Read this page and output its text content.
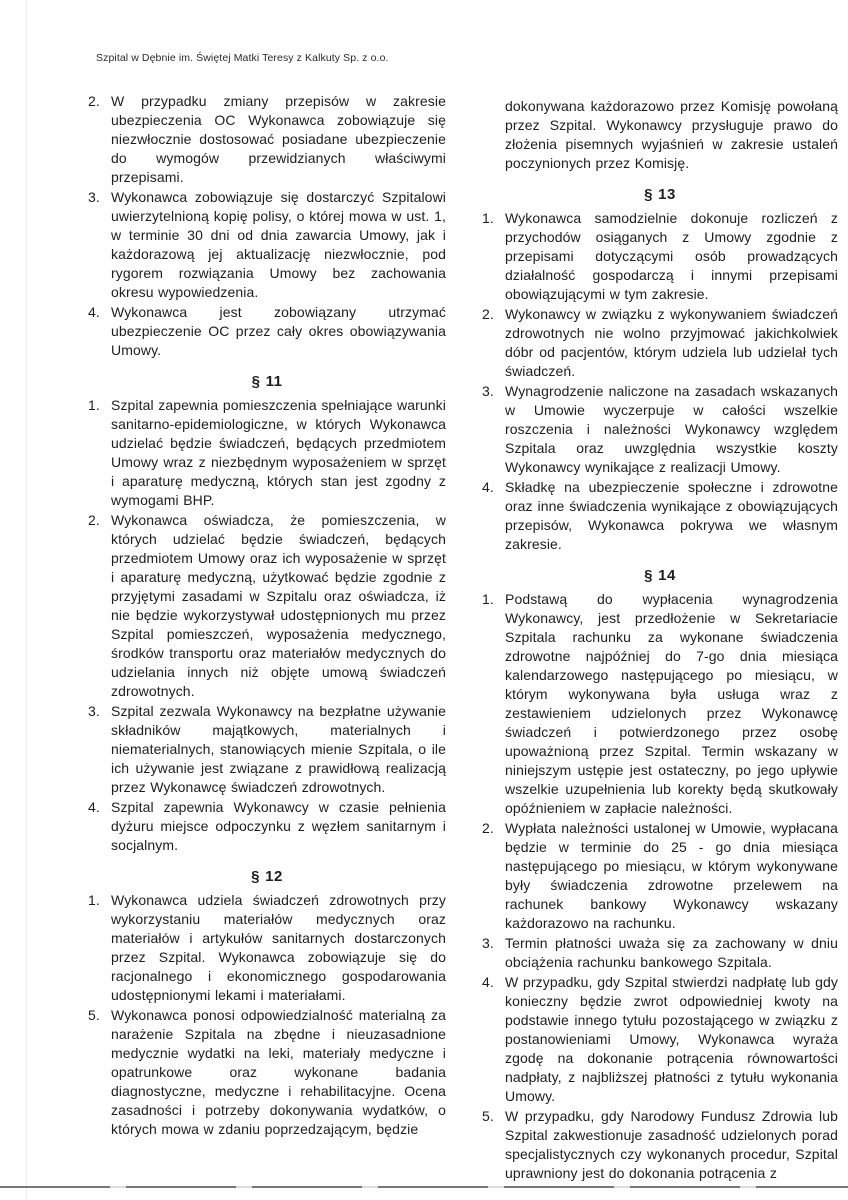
Szpital w Dębnie im. Świętej Matki Teresy z Kalkuty Sp. z o.o.
2. W przypadku zmiany przepisów w zakresie ubezpieczenia OC Wykonawca zobowiązuje się niezwłocznie dostosować posiadane ubezpieczenie do wymogów przewidzianych właściwymi przepisami.
3. Wykonawca zobowiązuje się dostarczyć Szpitalowi uwierzytelnioną kopię polisy, o której mowa w ust. 1, w terminie 30 dni od dnia zawarcia Umowy, jak i każdorazową jej aktualizację niezwłocznie, pod rygorem rozwiązania Umowy bez zachowania okresu wypowiedzenia.
4. Wykonawca jest zobowiązany utrzymać ubezpieczenie OC przez cały okres obowiązywania Umowy.
§ 11
1. Szpital zapewnia pomieszczenia spełniające warunki sanitarno-epidemiologiczne, w których Wykonawca udzielać będzie świadczeń, będących przedmiotem Umowy wraz z niezbędnym wyposażeniem w sprzęt i aparaturę medyczną, których stan jest zgodny z wymogami BHP.
2. Wykonawca oświadcza, że pomieszczenia, w których udzielać będzie świadczeń, będących przedmiotem Umowy oraz ich wyposażenie w sprzęt i aparaturę medyczną, użytkować będzie zgodnie z przyjętymi zasadami w Szpitalu oraz oświadcza, iż nie będzie wykorzystywał udostępnionych mu przez Szpital pomieszczeń, wyposażenia medycznego, środków transportu oraz materiałów medycznych do udzielania innych niż objęte umową świadczeń zdrowotnych.
3. Szpital zezwala Wykonawcy na bezpłatne używanie składników majątkowych, materialnych i niematerialnych, stanowiących mienie Szpitala, o ile ich używanie jest związane z prawidłową realizacją przez Wykonawcę świadczeń zdrowotnych.
4. Szpital zapewnia Wykonawcy w czasie pełnienia dyżuru miejsce odpoczynku z węzłem sanitarnym i socjalnym.
§ 12
1. Wykonawca udziela świadczeń zdrowotnych przy wykorzystaniu materiałów medycznych oraz materiałów i artykułów sanitarnych dostarczonych przez Szpital. Wykonawca zobowiązuje się do racjonalnego i ekonomicznego gospodarowania udostępnionymi lekami i materiałami.
5. Wykonawca ponosi odpowiedzialność materialną za narażenie Szpitala na zbędne i nieuzasadnione medycznie wydatki na leki, materiały medyczne i opatrunkowe oraz wykonane badania diagnostyczne, medyczne i rehabilitacyjne. Ocena zasadności i potrzeby dokonywania wydatków, o których mowa w zdaniu poprzedzającym, będzie
dokonywana każdorazowo przez Komisję powołaną przez Szpital. Wykonawcy przysługuje prawo do złożenia pisemnych wyjaśnień w zakresie ustaleń poczynionych przez Komisję.
§ 13
1. Wykonawca samodzielnie dokonuje rozliczeń z przychodów osiąganych z Umowy zgodnie z przepisami dotyczącymi osób prowadzących działalność gospodarczą i innymi przepisami obowiązującymi w tym zakresie.
2. Wykonawcy w związku z wykonywaniem świadczeń zdrowotnych nie wolno przyjmować jakichkolwiek dóbr od pacjentów, którym udziela lub udzielał tych świadczeń.
3. Wynagrodzenie naliczone na zasadach wskazanych w Umowie wyczerpuje w całości wszelkie roszczenia i należności Wykonawcy względem Szpitala oraz uwzględnia wszystkie koszty Wykonawcy wynikające z realizacji Umowy.
4. Składkę na ubezpieczenie społeczne i zdrowotne oraz inne świadczenia wynikające z obowiązujących przepisów, Wykonawca pokrywa we własnym zakresie.
§ 14
1. Podstawą do wypłacenia wynagrodzenia Wykonawcy, jest przedłożenie w Sekretariacie Szpitala rachunku za wykonane świadczenia zdrowotne najpóźniej do 7-go dnia miesiąca kalendarzowego następującego po miesiącu, w którym wykonywana była usługa wraz z zestawieniem udzielonych przez Wykonawcę świadczeń i potwierdzonego przez osobę upoważnioną przez Szpital. Termin wskazany w niniejszym ustępie jest ostateczny, po jego upływie wszelkie uzupełnienia lub korekty będą skutkowały opóźnieniem w zapłacie należności.
2. Wypłata należności ustalonej w Umowie, wypłacana będzie w terminie do 25 - go dnia miesiąca następującego po miesiącu, w którym wykonywane były świadczenia zdrowotne przelewem na rachunek bankowy Wykonawcy wskazany każdorazowo na rachunku.
3. Termin płatności uważa się za zachowany w dniu obciążenia rachunku bankowego Szpitala.
4. W przypadku, gdy Szpital stwierdzi nadpłatę lub gdy konieczny będzie zwrot odpowiedniej kwoty na podstawie innego tytułu pozostającego w związku z postanowieniami Umowy, Wykonawca wyraża zgodę na dokonanie potrącenia równowartości nadpłaty, z najbliższej płatności z tytułu wykonania Umowy.
5. W przypadku, gdy Narodowy Fundusz Zdrowia lub Szpital zakwestionuje zasadność udzielonych porad specjalistycznych czy wykonanych procedur, Szpital uprawniony jest do dokonania potrącenia z
